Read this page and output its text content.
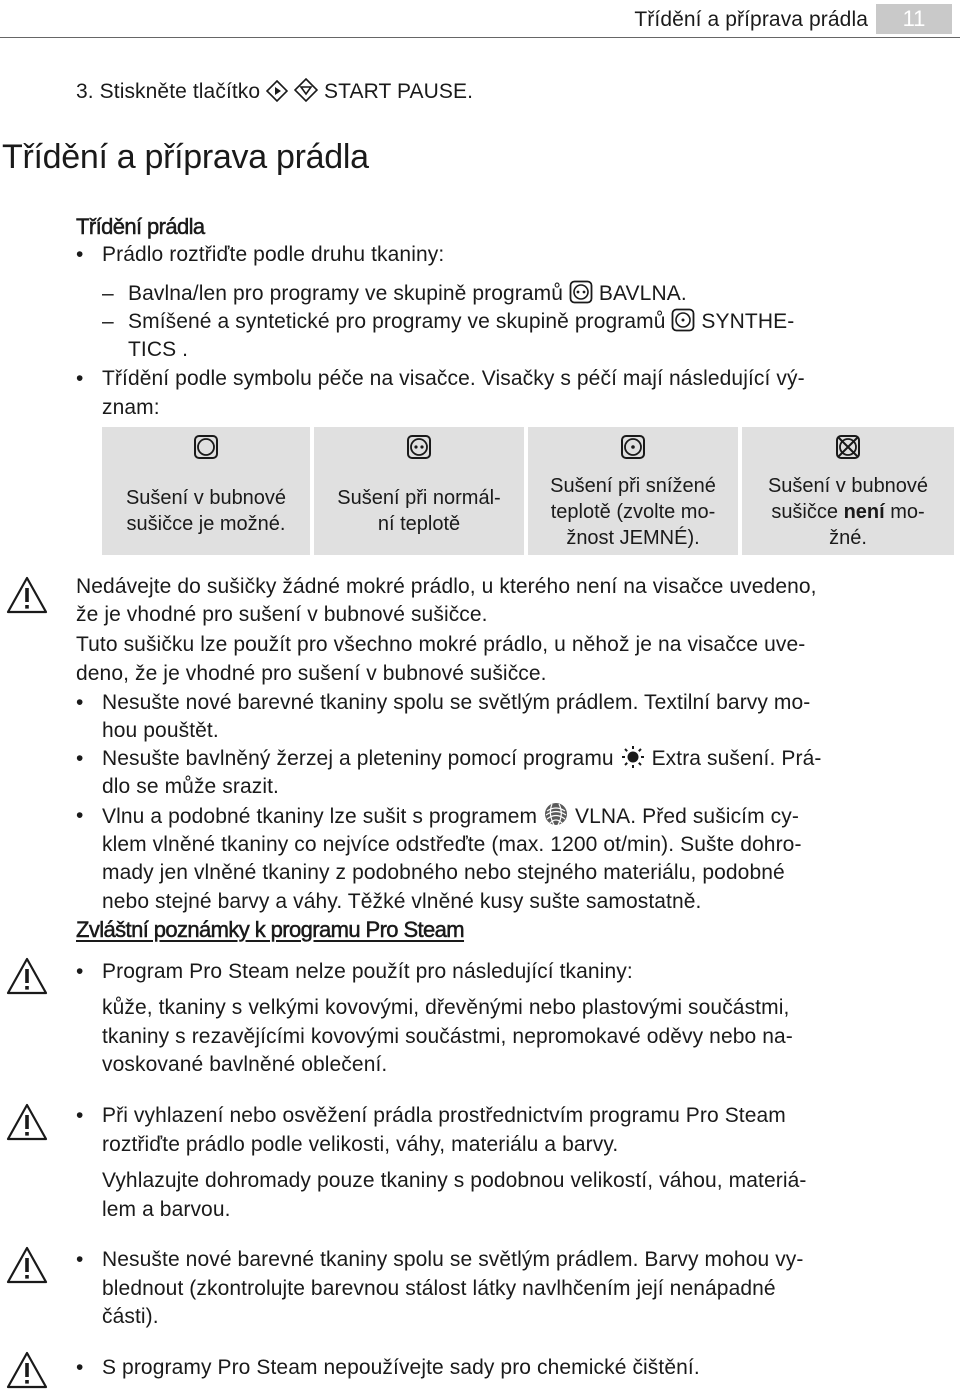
Třídění a příprava prádla	11
3. Stiskněte tlačítko   START PAUSE.
Třídění a příprava prádla
Třídění prádla
• Prádlo roztřiďte podle druhu tkaniny:
– Bavlna/len pro programy ve skupině programů  BAVLNA.
– Smíšené a syntetické pro programy ve skupině programů  SYNTHE-
TICS .
• Třídění podle symbolu péče na visačce. Visačky s péčí mají následující vý-
znam:
Sušení v bubnové
sušičce je možné.
Sušení při normál-
ní teplotě
Sušení při snížené
teplotě (zvolte mo-
žnost JEMNÉ).
Sušení v bubnové
sušičce není mo-
žné.
Nedávejte do sušičky žádné mokré prádlo, u kterého není na visačce uvedeno,
že je vhodné pro sušení v bubnové sušičce.
Tuto sušičku lze použít pro všechno mokré prádlo, u něhož je na visačce uve-
deno, že je vhodné pro sušení v bubnové sušičce.
• Nesušte nové barevné tkaniny spolu se světlým prádlem. Textilní barvy mo-
hou pouštět.
• Nesušte bavlněný žerzej a pleteniny pomocí programu  Extra sušení. Prá-
dlo se může srazit.
• Vlnu a podobné tkaniny lze sušit s programem  VLNA. Před sušicím cy-
klem vlněné tkaniny co nejvíce odstřeďte (max. 1200 ot/min). Sušte dohro-
mady jen vlněné tkaniny z podobného nebo stejného materiálu, podobné
nebo stejné barvy a váhy. Těžké vlněné kusy sušte samostatně.
Zvláštní poznámky k programu Pro Steam
• Program Pro Steam nelze použít pro následující tkaniny:
kůže, tkaniny s velkými kovovými, dřevěnými nebo plastovými součástmi,
tkaniny s rezavějícími kovovými součástmi, nepromokavé oděvy nebo na-
voskované bavlněné oblečení.
• Při vyhlazení nebo osvěžení prádla prostřednictvím programu Pro Steam
roztřiďte prádlo podle velikosti, váhy, materiálu a barvy.
Vyhlazujte dohromady pouze tkaniny s podobnou velikostí, váhou, materiá-
lem a barvou.
• Nesušte nové barevné tkaniny spolu se světlým prádlem. Barvy mohou vy-
blednout (zkontrolujte barevnou stálost látky navlhčením její nenápadné
části).
• S programy Pro Steam nepoužívejte sady pro chemické čištění.
